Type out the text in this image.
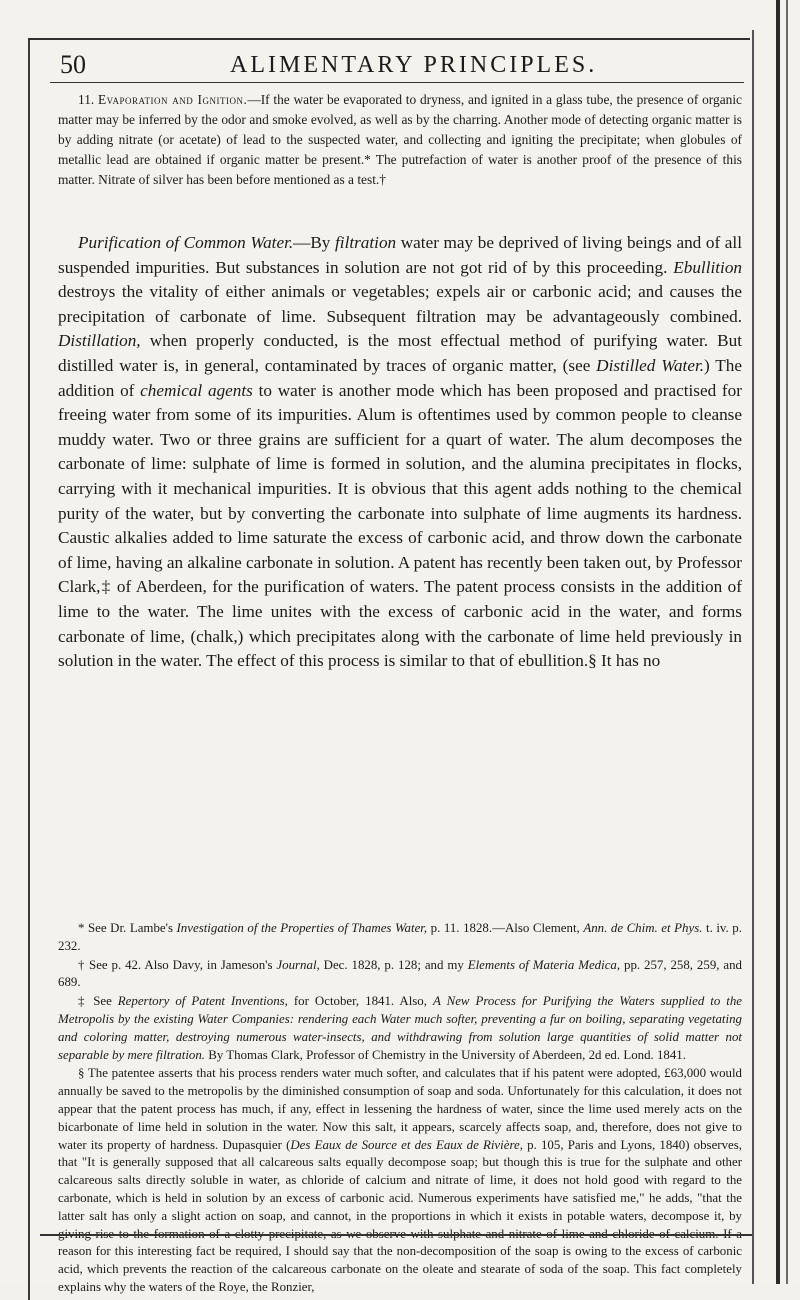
50	ALIMENTARY PRINCIPLES.

11. Evaporation and Ignition.—If the water be evaporated to dryness, and ignited in a glass tube, the presence of organic matter may be inferred by the odor and smoke evolved, as well as by the charring. Another mode of detecting organic matter is by adding nitrate (or acetate) of lead to the suspected water, and collecting and igniting the precipitate; when globules of metallic lead are obtained if organic matter be present.* The putrefaction of water is another proof of the presence of this matter. Nitrate of silver has been before mentioned as a test.†

Purification of Common Water.—By filtration water may be deprived of living beings and of all suspended impurities. But substances in solution are not got rid of by this proceeding. Ebullition destroys the vitality of either animals or vegetables; expels air or carbonic acid; and causes the precipitation of carbonate of lime. Subsequent filtration may be advantageously combined. Distillation, when properly conducted, is the most effectual method of purifying water. But distilled water is, in general, contaminated by traces of organic matter, (see Distilled Water.) The addition of chemical agents to water is another mode which has been proposed and practised for freeing water from some of its impurities. Alum is oftentimes used by common people to cleanse muddy water. Two or three grains are sufficient for a quart of water. The alum decomposes the carbonate of lime: sulphate of lime is formed in solution, and the alumina precipitates in flocks, carrying with it mechanical impurities. It is obvious that this agent adds nothing to the chemical purity of the water, but by converting the carbonate into sulphate of lime augments its hardness. Caustic alkalies added to lime saturate the excess of carbonic acid, and throw down the carbonate of lime, having an alkaline carbonate in solution. A patent has recently been taken out, by Professor Clark,‡ of Aberdeen, for the purification of waters. The patent process consists in the addition of lime to the water. The lime unites with the excess of carbonic acid in the water, and forms carbonate of lime, (chalk,) which precipitates along with the carbonate of lime held previously in solution in the water. The effect of this process is similar to that of ebullition.§ It has no

* See Dr. Lambe's Investigation of the Properties of Thames Water, p. 11. 1828.—Also Clement, Ann. de Chim. et Phys. t. iv. p. 232.

† See p. 42. Also Davy, in Jameson's Journal, Dec. 1828, p. 128; and my Elements of Materia Medica, pp. 257, 258, 259, and 689.

‡ See Repertory of Patent Inventions, for October, 1841. Also, A New Process for Purifying the Waters supplied to the Metropolis by the existing Water Companies: rendering each Water much softer, preventing a fur on boiling, separating vegetating and coloring matter, destroying numerous water-insects, and withdrawing from solution large quantities of solid matter not separable by mere filtration. By Thomas Clark, Professor of Chemistry in the University of Aberdeen, 2d ed. Lond. 1841.

§ The patentee asserts that his process renders water much softer, and calculates that if his patent were adopted, £63,000 would annually be saved to the metropolis by the diminished consumption of soap and soda. Unfortunately for this calculation, it does not appear that the patent process has much, if any, effect in lessening the hardness of water, since the lime used merely acts on the bicarbonate of lime held in solution in the water. Now this salt, it appears, scarcely affects soap, and, therefore, does not give to water its property of hardness. Dupasquier (Des Eaux de Source et des Eaux de Rivière, p. 105, Paris and Lyons, 1840) observes, that "It is generally supposed that all calcareous salts equally decompose soap; but though this is true for the sulphate and other calcareous salts directly soluble in water, as chloride of calcium and nitrate of lime, it does not hold good with regard to the carbonate, which is held in solution by an excess of carbonic acid. Numerous experiments have satisfied me," he adds, "that the latter salt has only a slight action on soap, and cannot, in the proportions in which it exists in potable waters, decompose it, by reason for this interesting fact be required, I should say that the non-decomposition of the soap is owing to the excess of carbonic acid, which prevents the reaction of the calcareous carbonate on the oleate and stearate of soda of the soap. This fact completely explains why the waters of the Roye, the Ronzier,
